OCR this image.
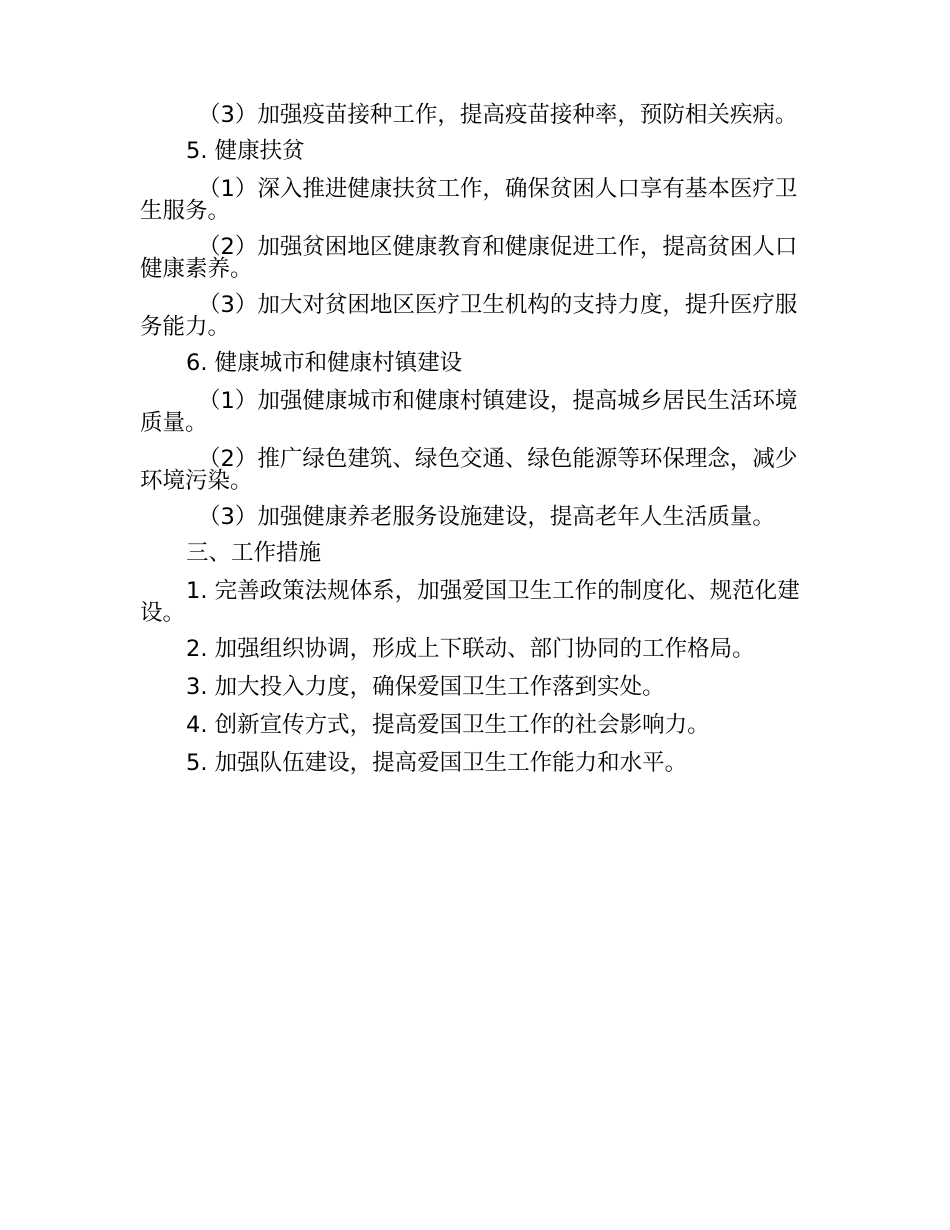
（3）加强疫苗接种工作，提高疫苗接种率，预防相关疾病。

5. 健康扶贫

（1）深入推进健康扶贫工作，确保贫困人口享有基本医疗卫生服务。

（2）加强贫困地区健康教育和健康促进工作，提高贫困人口健康素养。

（3）加大对贫困地区医疗卫生机构的支持力度，提升医疗服务能力。

6. 健康城市和健康村镇建设

（1）加强健康城市和健康村镇建设，提高城乡居民生活环境质量。

（2）推广绿色建筑、绿色交通、绿色能源等环保理念，减少环境污染。

（3）加强健康养老服务设施建设，提高老年人生活质量。

三、工作措施

1. 完善政策法规体系，加强爱国卫生工作的制度化、规范化建设。

2. 加强组织协调，形成上下联动、部门协同的工作格局。

3. 加大投入力度，确保爱国卫生工作落到实处。

4. 创新宣传方式，提高爱国卫生工作的社会影响力。

5. 加强队伍建设，提高爱国卫生工作能力和水平。
